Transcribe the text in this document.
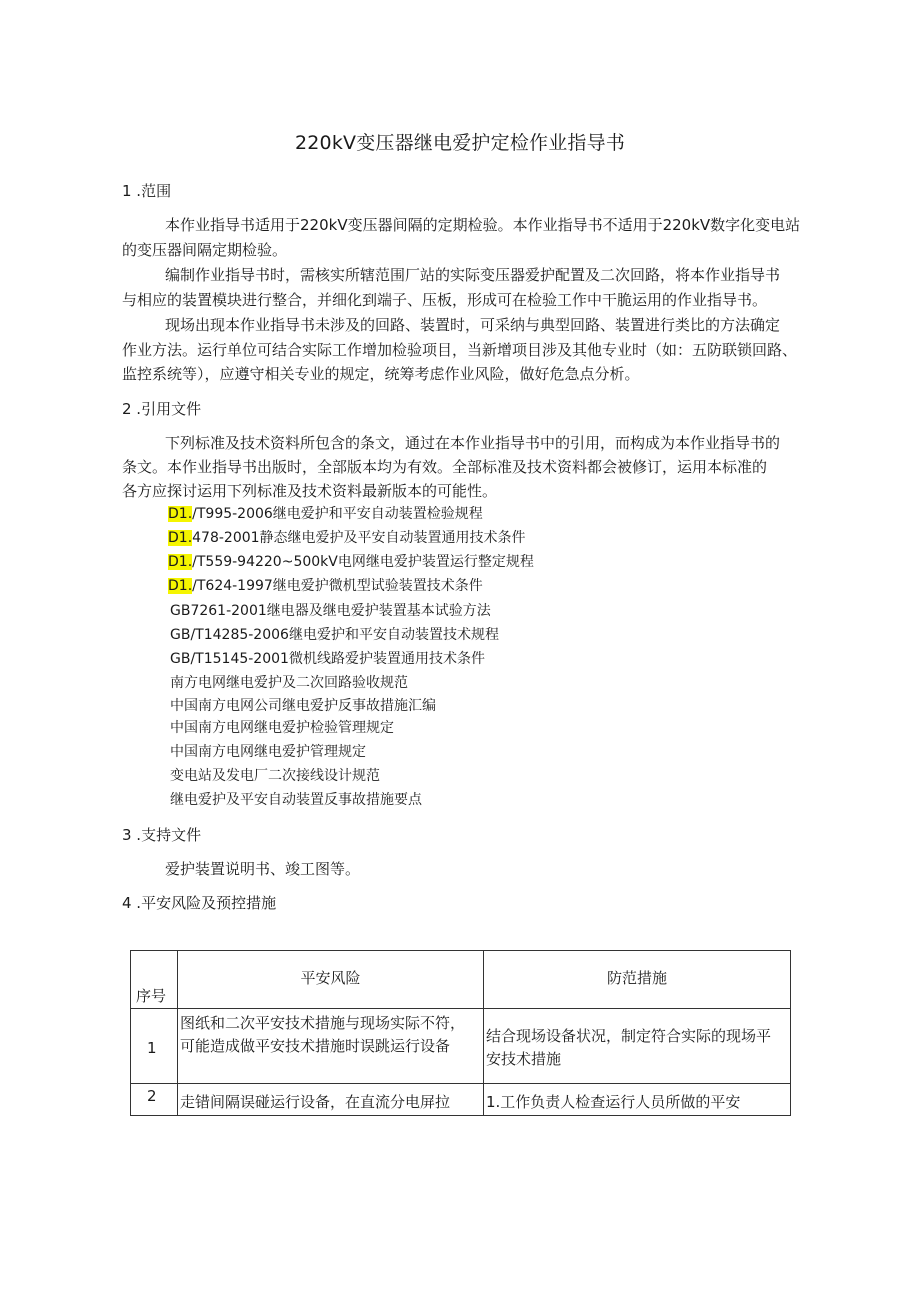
220kV变压器继电爱护定检作业指导书
1 .范围
本作业指导书适用于220kV变压器间隔的定期检验。本作业指导书不适用于220kV数字化变电站
的变压器间隔定期检验。
编制作业指导书时，需核实所辖范围厂站的实际变压器爱护配置及二次回路，将本作业指导书
与相应的装置模块进行整合，并细化到端子、压板，形成可在检验工作中干脆运用的作业指导书。
现场出现本作业指导书未涉及的回路、装置时，可采纳与典型回路、装置进行类比的方法确定
作业方法。运行单位可结合实际工作增加检验项目，当新增项目涉及其他专业时（如：五防联锁回路、
监控系统等），应遵守相关专业的规定，统筹考虑作业风险，做好危急点分析。
2 .引用文件
下列标准及技术资料所包含的条文，通过在本作业指导书中的引用，而构成为本作业指导书的
条文。本作业指导书出版时，全部版本均为有效。全部标准及技术资料都会被修订，运用本标准的
各方应探讨运用下列标准及技术资料最新版本的可能性。
D1./T995-2006继电爱护和平安自动装置检验规程
D1.478-2001静态继电爱护及平安自动装置通用技术条件
D1./T559-94220~500kV电网继电爱护装置运行整定规程
D1./T624-1997继电爱护微机型试验装置技术条件
GB7261-2001继电器及继电爱护装置基本试验方法
GB/T14285-2006继电爱护和平安自动装置技术规程
GB/T15145-2001微机线路爱护装置通用技术条件
南方电网继电爱护及二次回路验收规范
中国南方电网公司继电爱护反事故措施汇编
中国南方电网继电爱护检验管理规定
中国南方电网继电爱护管理规定
变电站及发电厂二次接线设计规范
继电爱护及平安自动装置反事故措施要点
3 .支持文件
爱护装置说明书、竣工图等。
4 .平安风险及预控措施
序号
平安风险	防范措施
1
图纸和二次平安技术措施与现场实际不符，
可能造成做平安技术措施时误跳运行设备
结合现场设备状况，制定符合实际的现场平
安技术措施
2 走错间隔误碰运行设备，在直流分电屏拉 1.工作负责人检查运行人员所做的平安
